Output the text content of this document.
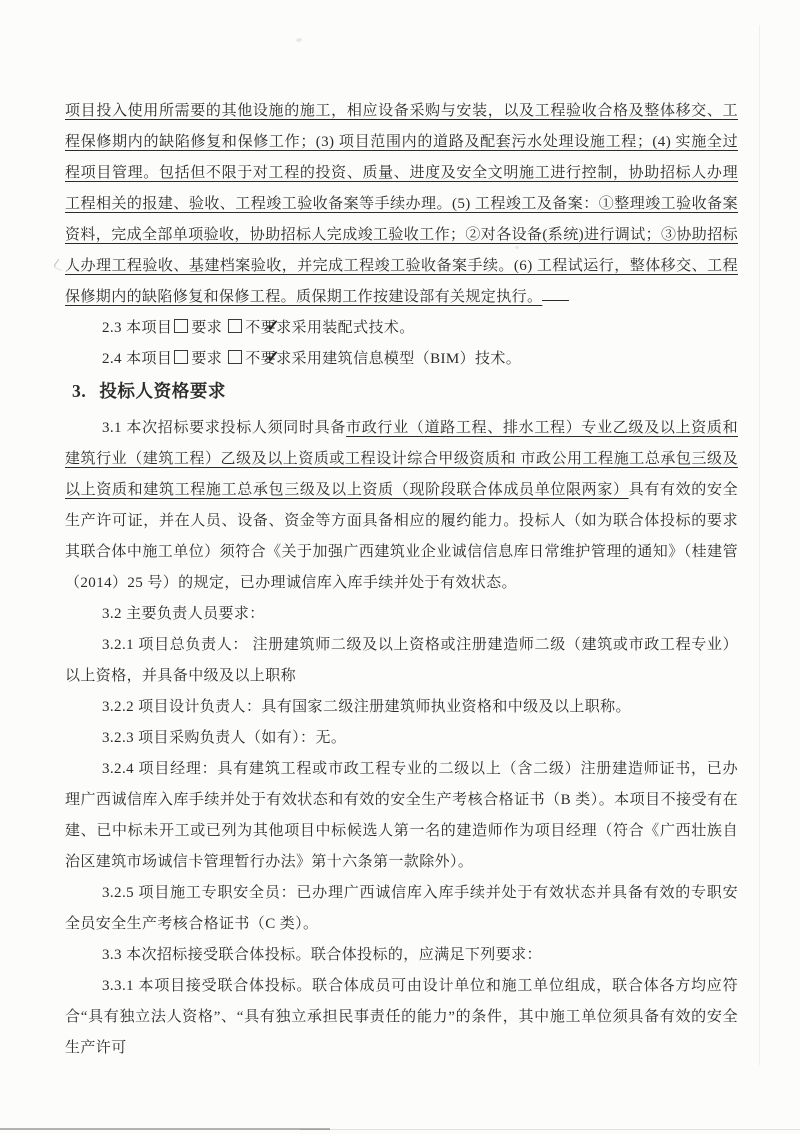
项目投入使用所需要的其他设施的施工，相应设备采购与安装，以及工程验收合格及整体移交、工程保修期内的缺陷修复和保修工作；(3) 项目范围内的道路及配套污水处理设施工程；(4) 实施全过程项目管理。包括但不限于对工程的投资、质量、进度及安全文明施工进行控制，协助招标人办理工程相关的报建、验收、工程竣工验收备案等手续办理。(5) 工程竣工及备案：①整理竣工验收备案资料，完成全部单项验收，协助招标人完成竣工验收工作；②对各设备(系统)进行调试；③协助招标人办理工程验收、基建档案验收，并完成工程竣工验收备案手续。(6) 工程试运行，整体移交、工程保修期内的缺陷修复和保修工程。质保期工作按建设部有关规定执行。
2.3 本项目 要求 ✓不要求采用装配式技术。
2.4 本项目 要求 ✓不要求采用建筑信息模型（BIM）技术。
3. 投标人资格要求
3.1 本次招标要求投标人须同时具备市政行业（道路工程、排水工程）专业乙级及以上资质和建筑行业（建筑工程）乙级及以上资质或工程设计综合甲级资质和 市政公用工程施工总承包三级及以上资质和建筑工程施工总承包三级及以上资质（现阶段联合体成员单位限两家）具有有效的安全生产许可证，并在人员、设备、资金等方面具备相应的履约能力。投标人（如为联合体投标的要求其联合体中施工单位）须符合《关于加强广西建筑业企业诚信信息库日常维护管理的通知》（桂建管（2014）25 号）的规定，已办理诚信库入库手续并处于有效状态。
3.2 主要负责人员要求：
3.2.1 项目总负责人： 注册建筑师二级及以上资格或注册建造师二级（建筑或市政工程专业）以上资格，并具备中级及以上职称
3.2.2 项目设计负责人：具有国家二级注册建筑师执业资格和中级及以上职称。
3.2.3 项目采购负责人（如有）：无。
3.2.4 项目经理：具有建筑工程或市政工程专业的二级以上（含二级）注册建造师证书，已办理广西诚信库入库手续并处于有效状态和有效的安全生产考核合格证书（B 类）。本项目不接受有在建、已中标未开工或已列为其他项目中标候选人第一名的建造师作为项目经理（符合《广西壮族自治区建筑市场诚信卡管理暂行办法》第十六条第一款除外）。
3.2.5 项目施工专职安全员：已办理广西诚信库入库手续并处于有效状态并具备有效的专职安全员安全生产考核合格证书（C 类）。
3.3 本次招标接受联合体投标。联合体投标的，应满足下列要求：
3.3.1 本项目接受联合体投标。联合体成员可由设计单位和施工单位组成，联合体各方均应符合“具有独立法人资格”、“具有独立承担民事责任的能力”的条件，其中施工单位须具备有效的安全生产许可
